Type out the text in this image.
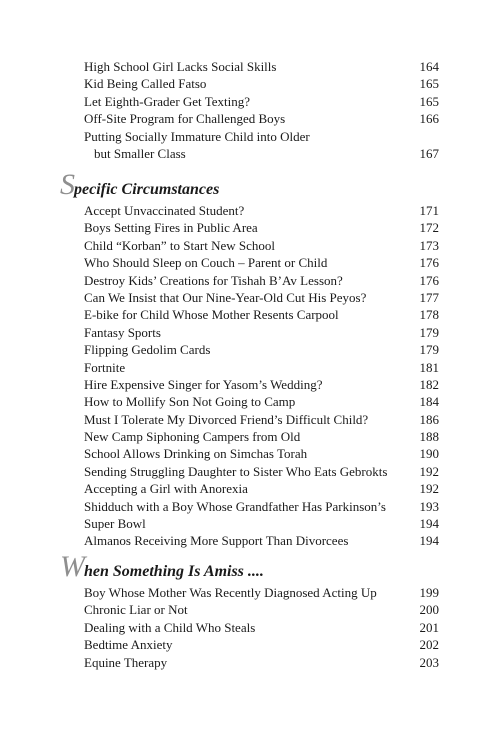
High School Girl Lacks Social Skills	164
Kid Being Called Fatso	165
Let Eighth-Grader Get Texting?	165
Off-Site Program for Challenged Boys	166
Putting Socially Immature Child into Older
but Smaller Class	167
Specific Circumstances
Accept Unvaccinated Student?	171
Boys Setting Fires in Public Area	172
Child “Korban” to Start New School	173
Who Should Sleep on Couch – Parent or Child	176
Destroy Kids’ Creations for Tishah B’Av Lesson?	176
Can We Insist that Our Nine-Year-Old Cut His Peyos?	177
E-bike for Child Whose Mother Resents Carpool	178
Fantasy Sports	179
Flipping Gedolim Cards	179
Fortnite	181
Hire Expensive Singer for Yasom’s Wedding?	182
How to Mollify Son Not Going to Camp	184
Must I Tolerate My Divorced Friend’s Difficult Child?	186
New Camp Siphoning Campers from Old	188
School Allows Drinking on Simchas Torah	190
Sending Struggling Daughter to Sister Who Eats Gebrokts 192
Accepting a Girl with Anorexia	192
Shidduch with a Boy Whose Grandfather Has Parkinson’s	193
Super Bowl	194
Almanos Receiving More Support Than Divorcees	194
When Something Is Amiss ....
Boy Whose Mother Was Recently Diagnosed Acting Up	199
Chronic Liar or Not	200
Dealing with a Child Who Steals	201
Bedtime Anxiety	202
Equine Therapy	203
